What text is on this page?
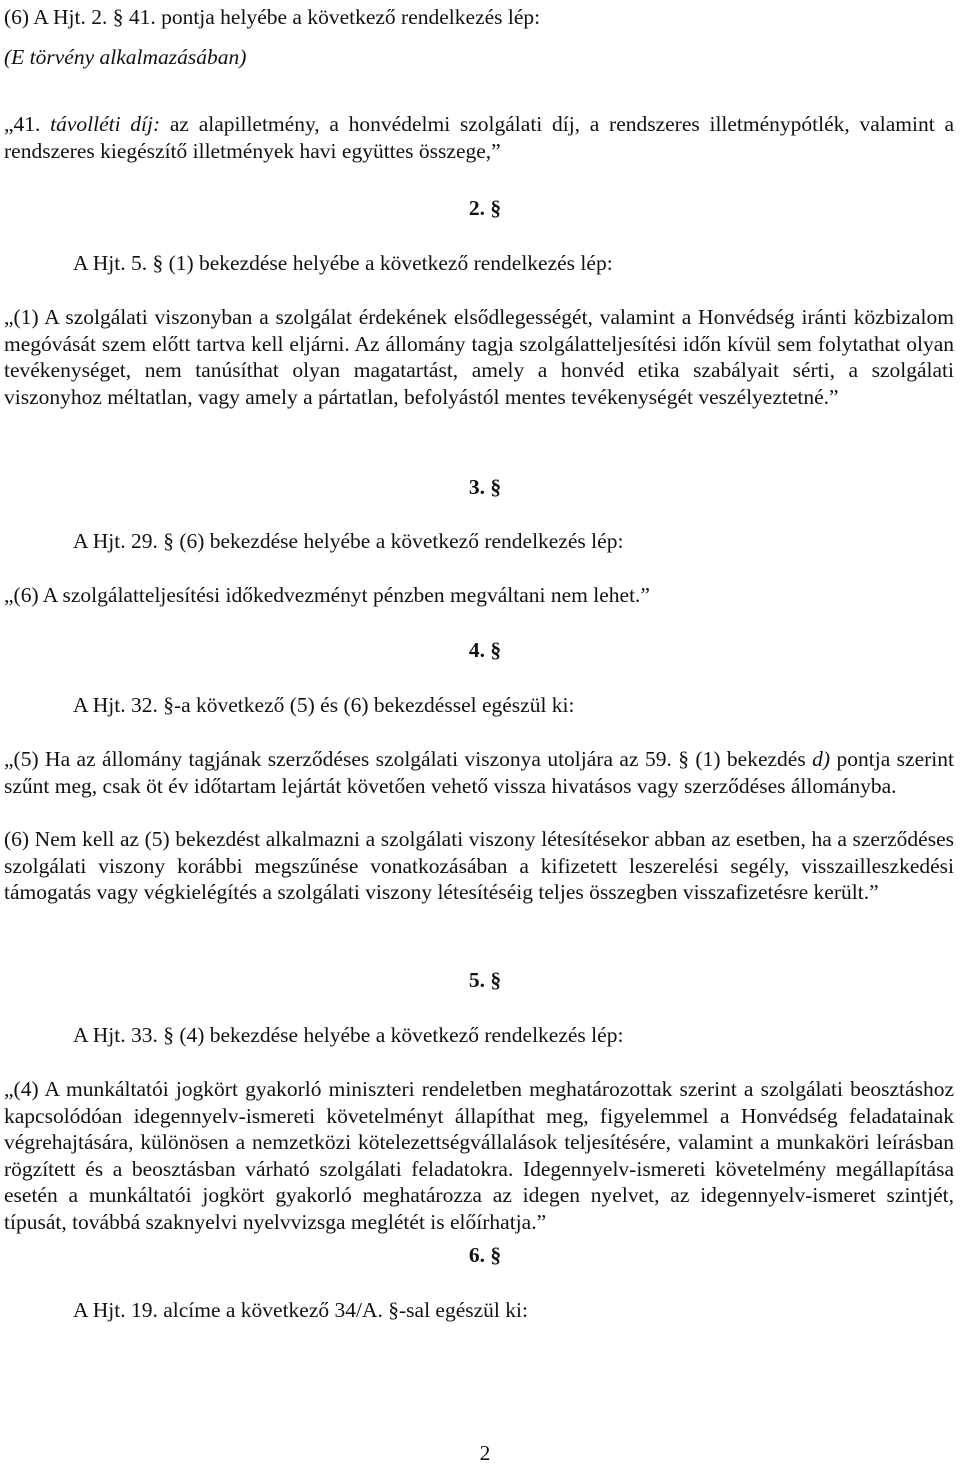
(6) A Hjt. 2. § 41. pontja helyébe a következő rendelkezés lép:

(E törvény alkalmazásában)

„41. távolléti díj: az alapilletmény, a honvédelmi szolgálati díj, a rendszeres illetménypótlék, valamint a rendszeres kiegészítő illetmények havi együttes összege,”

2. §

A Hjt. 5. § (1) bekezdése helyébe a következő rendelkezés lép:

„(1) A szolgálati viszonyban a szolgálat érdekének elsődlegességét, valamint a Honvédség iránti közbizalom megóvását szem előtt tartva kell eljárni. Az állomány tagja szolgálatteljesítési időn kívül sem folytathat olyan tevékenységet, nem tanúsíthat olyan magatartást, amely a honvéd etika szabályait sérti, a szolgálati viszonyhoz méltatlan, vagy amely a pártatlan, befolyástól mentes tevékenységét veszélyeztetné.”

3. §

A Hjt. 29. § (6) bekezdése helyébe a következő rendelkezés lép:

„(6) A szolgálatteljesítési időkedvezményt pénzben megváltani nem lehet.”

4. §

A Hjt. 32. §-a következő (5) és (6) bekezdéssel egészül ki:

„(5) Ha az állomány tagjának szerződéses szolgálati viszonya utoljára az 59. § (1) bekezdés d) pontja szerint szűnt meg, csak öt év időtartam lejártát követően vehető vissza hivatásos vagy szerződéses állományba.

(6) Nem kell az (5) bekezdést alkalmazni a szolgálati viszony létesítésekor abban az esetben, ha a szerződéses szolgálati viszony korábbi megszűnése vonatkozásában a kifizetett leszerelési segély, visszailleszkedési támogatás vagy végkielégítés a szolgálati viszony létesítéséig teljes összegben visszafizetésre került.”

5. §

A Hjt. 33. § (4) bekezdése helyébe a következő rendelkezés lép:

„(4) A munkáltatói jogkört gyakorló miniszteri rendeletben meghatározottak szerint a szolgálati beosztáshoz kapcsolódóan idegennyelv-ismereti követelményt állapíthat meg, figyelemmel a Honvédség feladatainak végrehajtására, különösen a nemzetközi kötelezettségvállalások teljesítésére, valamint a munkaköri leírásban rögzített és a beosztásban várható szolgálati feladatokra. Idegennyelv-ismereti követelmény megállapítása esetén a munkáltatói jogkört gyakorló meghatározza az idegen nyelvet, az idegennyelv-ismeret szintjét, típusát, továbbá szaknyelvi nyelvvizsga meglétét is előírhatja.”

6. §

A Hjt. 19. alcíme a következő 34/A. §-sal egészül ki:

2
